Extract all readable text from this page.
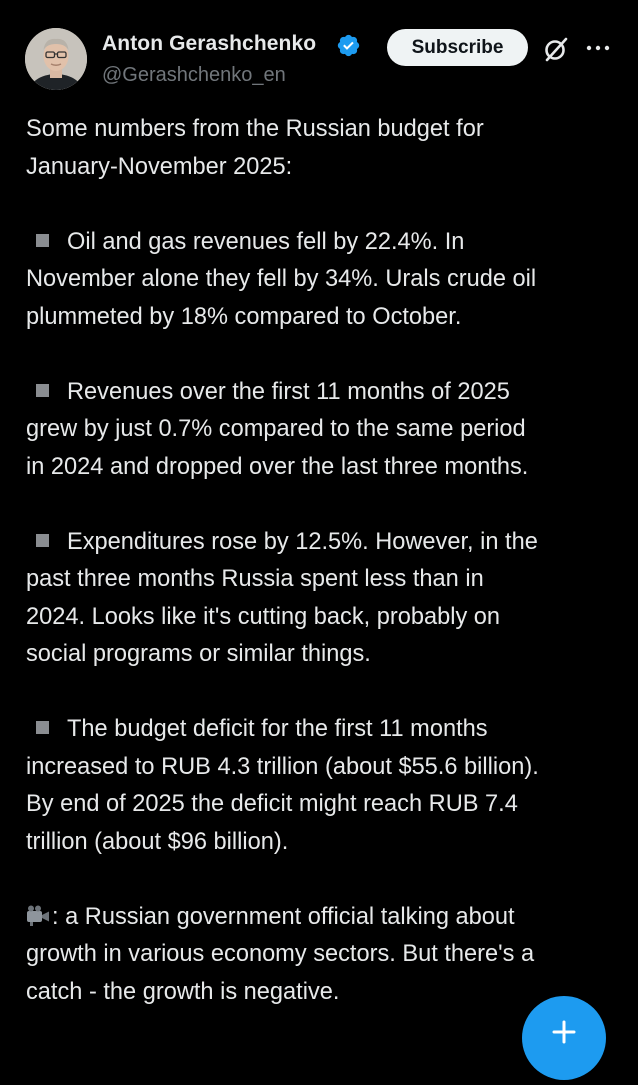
Anton Gerashchenko
@Gerashchenko_en
Subscribe

Some numbers from the Russian budget for

January-November 2025:

Oil and gas revenues fell by 22.4%. In

November alone they fell by 34%. Urals crude oil

plummeted by 18% compared to October.

Revenues over the first 11 months of 2025

grew by just 0.7% compared to the same period

in 2024 and dropped over the last three months.

Expenditures rose by 12.5%. However, in the

past three months Russia spent less than in

2024. Looks like it's cutting back, probably on

social programs or similar things.

The budget deficit for the first 11 months

increased to RUB 4.3 trillion (about $55.6 billion).

By end of 2025 the deficit might reach RUB 7.4

trillion (about $96 billion).

: a Russian government official talking about

growth in various economy sectors. But there's a

catch - the growth is negative.
